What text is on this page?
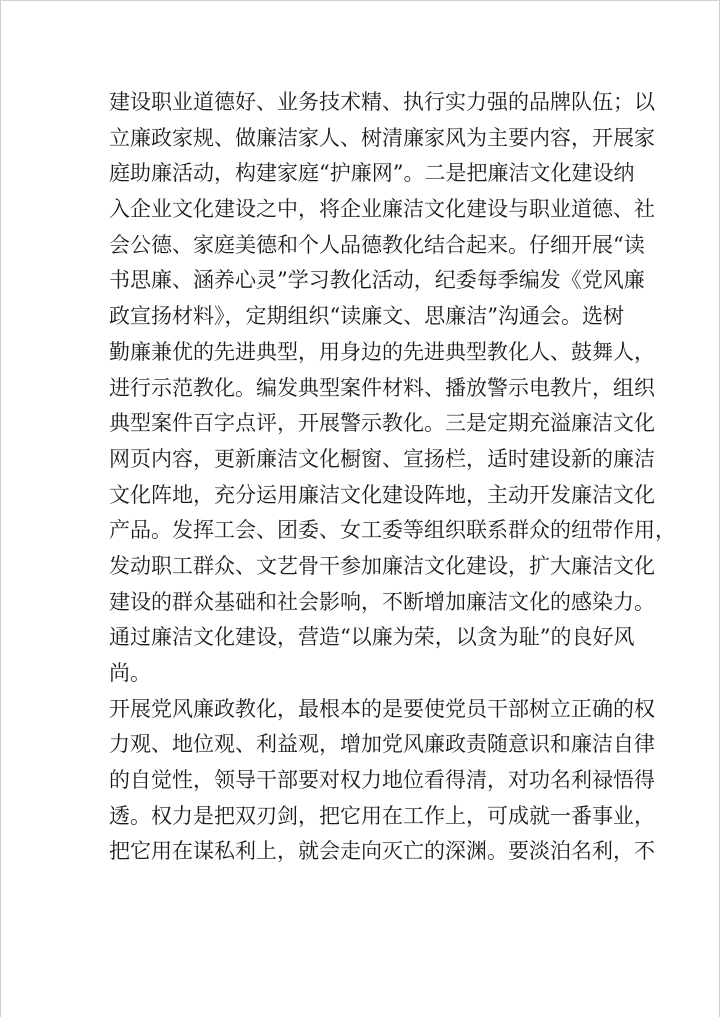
建设职业道德好、业务技术精、执行实力强的品牌队伍；以
立廉政家规、做廉洁家人、树清廉家风为主要内容，开展家
庭助廉活动，构建家庭“护廉网”。二是把廉洁文化建设纳
入企业文化建设之中，将企业廉洁文化建设与职业道德、社
会公德、家庭美德和个人品德教化结合起来。仔细开展“读
书思廉、涵养心灵”学习教化活动，纪委每季编发《党风廉
政宣扬材料》，定期组织“读廉文、思廉洁”沟通会。选树
勤廉兼优的先进典型，用身边的先进典型教化人、鼓舞人，
进行示范教化。编发典型案件材料、播放警示电教片，组织
典型案件百字点评，开展警示教化。三是定期充溢廉洁文化
网页内容，更新廉洁文化橱窗、宣扬栏，适时建设新的廉洁
文化阵地，充分运用廉洁文化建设阵地，主动开发廉洁文化
产品。发挥工会、团委、女工委等组织联系群众的纽带作用，
发动职工群众、文艺骨干参加廉洁文化建设，扩大廉洁文化
建设的群众基础和社会影响，不断增加廉洁文化的感染力。
通过廉洁文化建设，营造“以廉为荣，以贪为耻”的良好风
尚。
开展党风廉政教化，最根本的是要使党员干部树立正确的权
力观、地位观、利益观，增加党风廉政责随意识和廉洁自律
的自觉性，领导干部要对权力地位看得清，对功名利禄悟得
透。权力是把双刃剑，把它用在工作上，可成就一番事业，
把它用在谋私利上，就会走向灭亡的深渊。要淡泊名利，不
